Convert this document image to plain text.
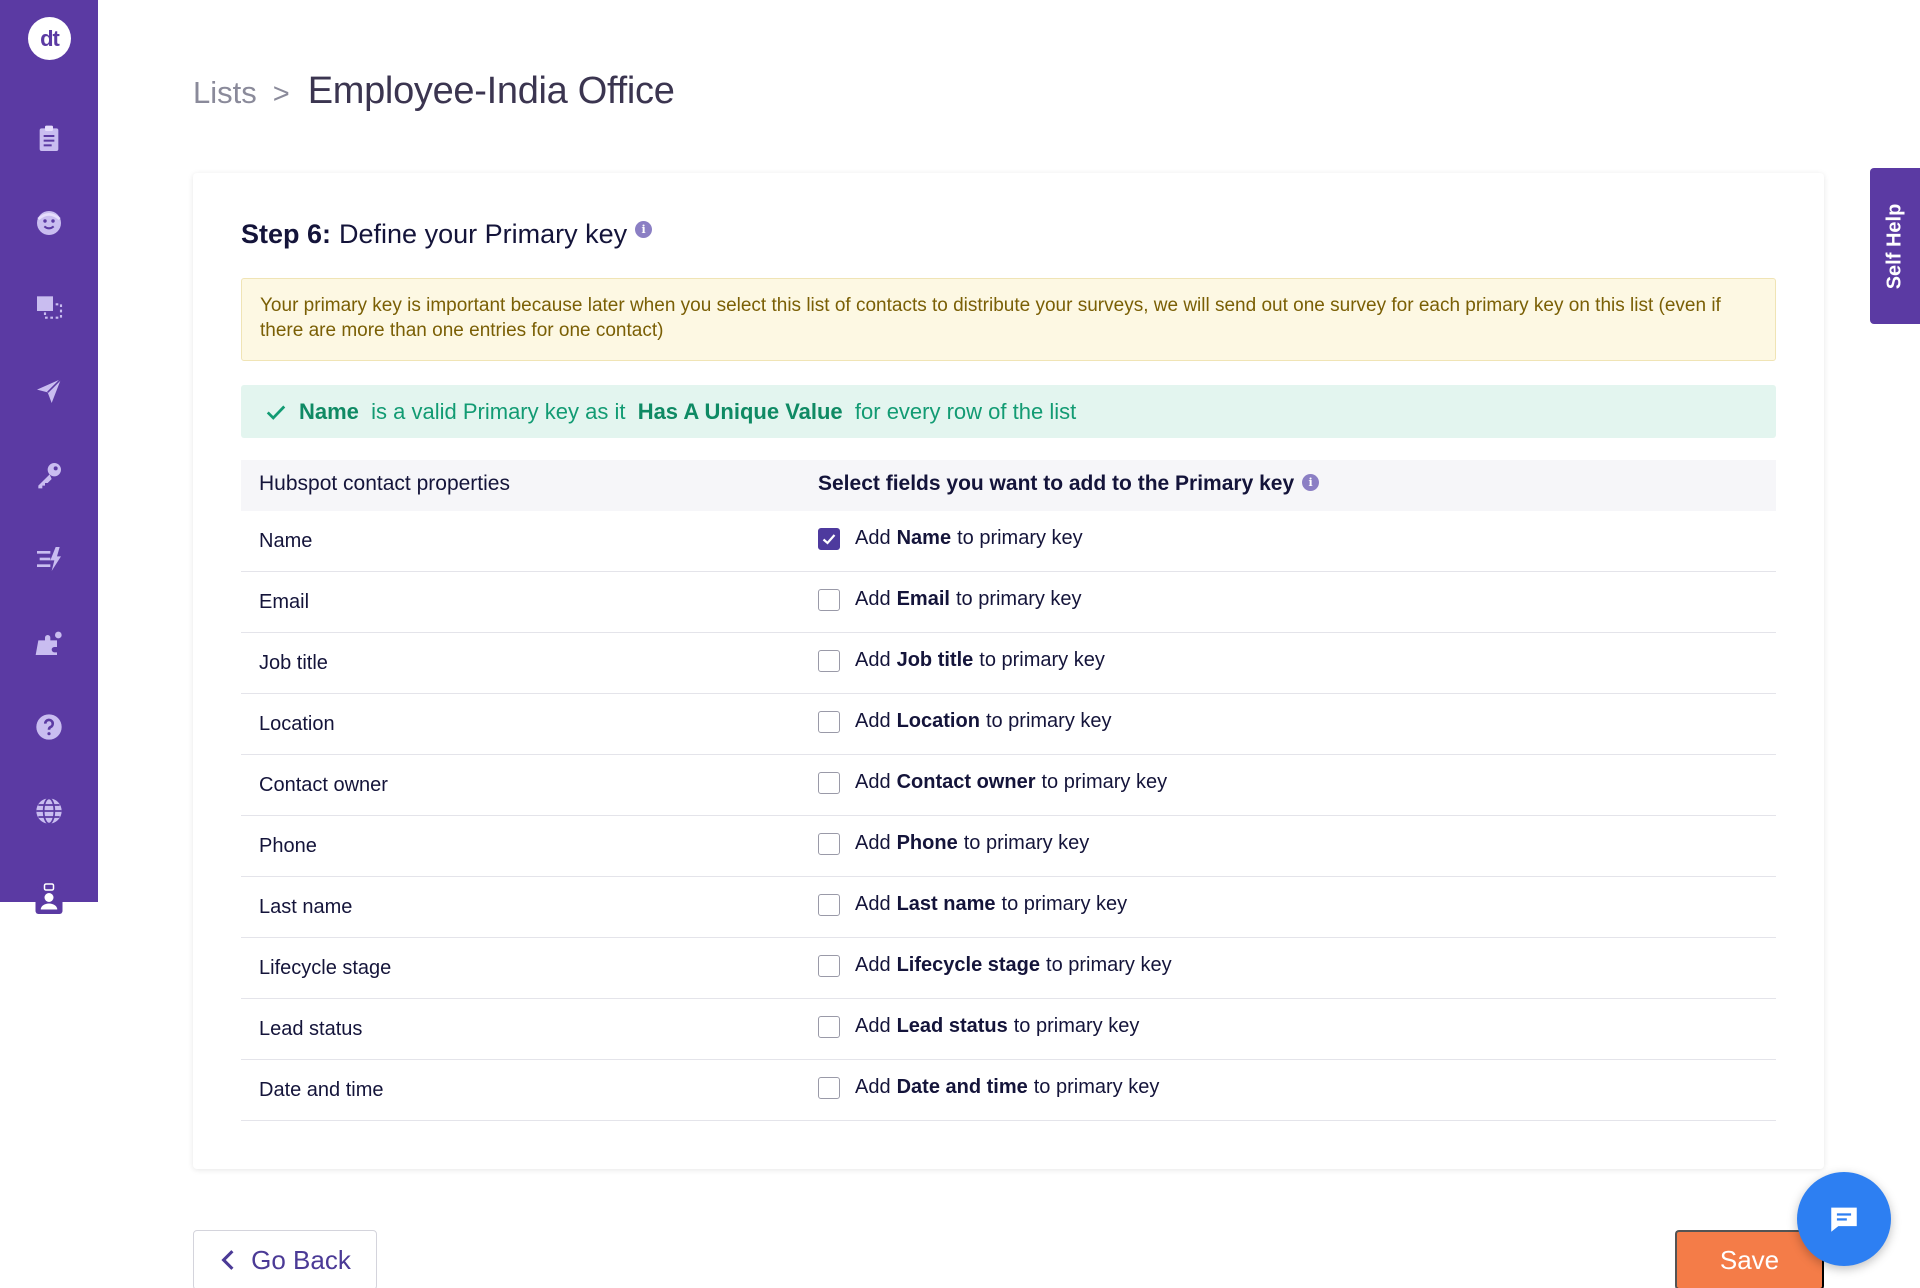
dt
Lists > Employee-India Office
Step 6: Define your Primary key	i
Your primary key is important because later when you select this list of contacts to distribute your surveys, we will send out one survey for each primary key on this list (even if there are more than one entries for one contact)
Name
is a valid Primary key as it
Has A Unique Value
for every row of the list
Hubspot contact properties	Select fields you want to add to the Primary key	i
Name	Add Name to primary key
Email	Add Email to primary key
Job title	Add Job title to primary key
Location	Add Location to primary key
Contact owner	Add Contact owner to primary key
Phone	Add Phone to primary key
Last name	Add Last name to primary key
Lifecycle stage	Add Lifecycle stage to primary key
Lead status	Add Lead status to primary key
Date and time	Add Date and time to primary key
Go Back	Save
Self Help
